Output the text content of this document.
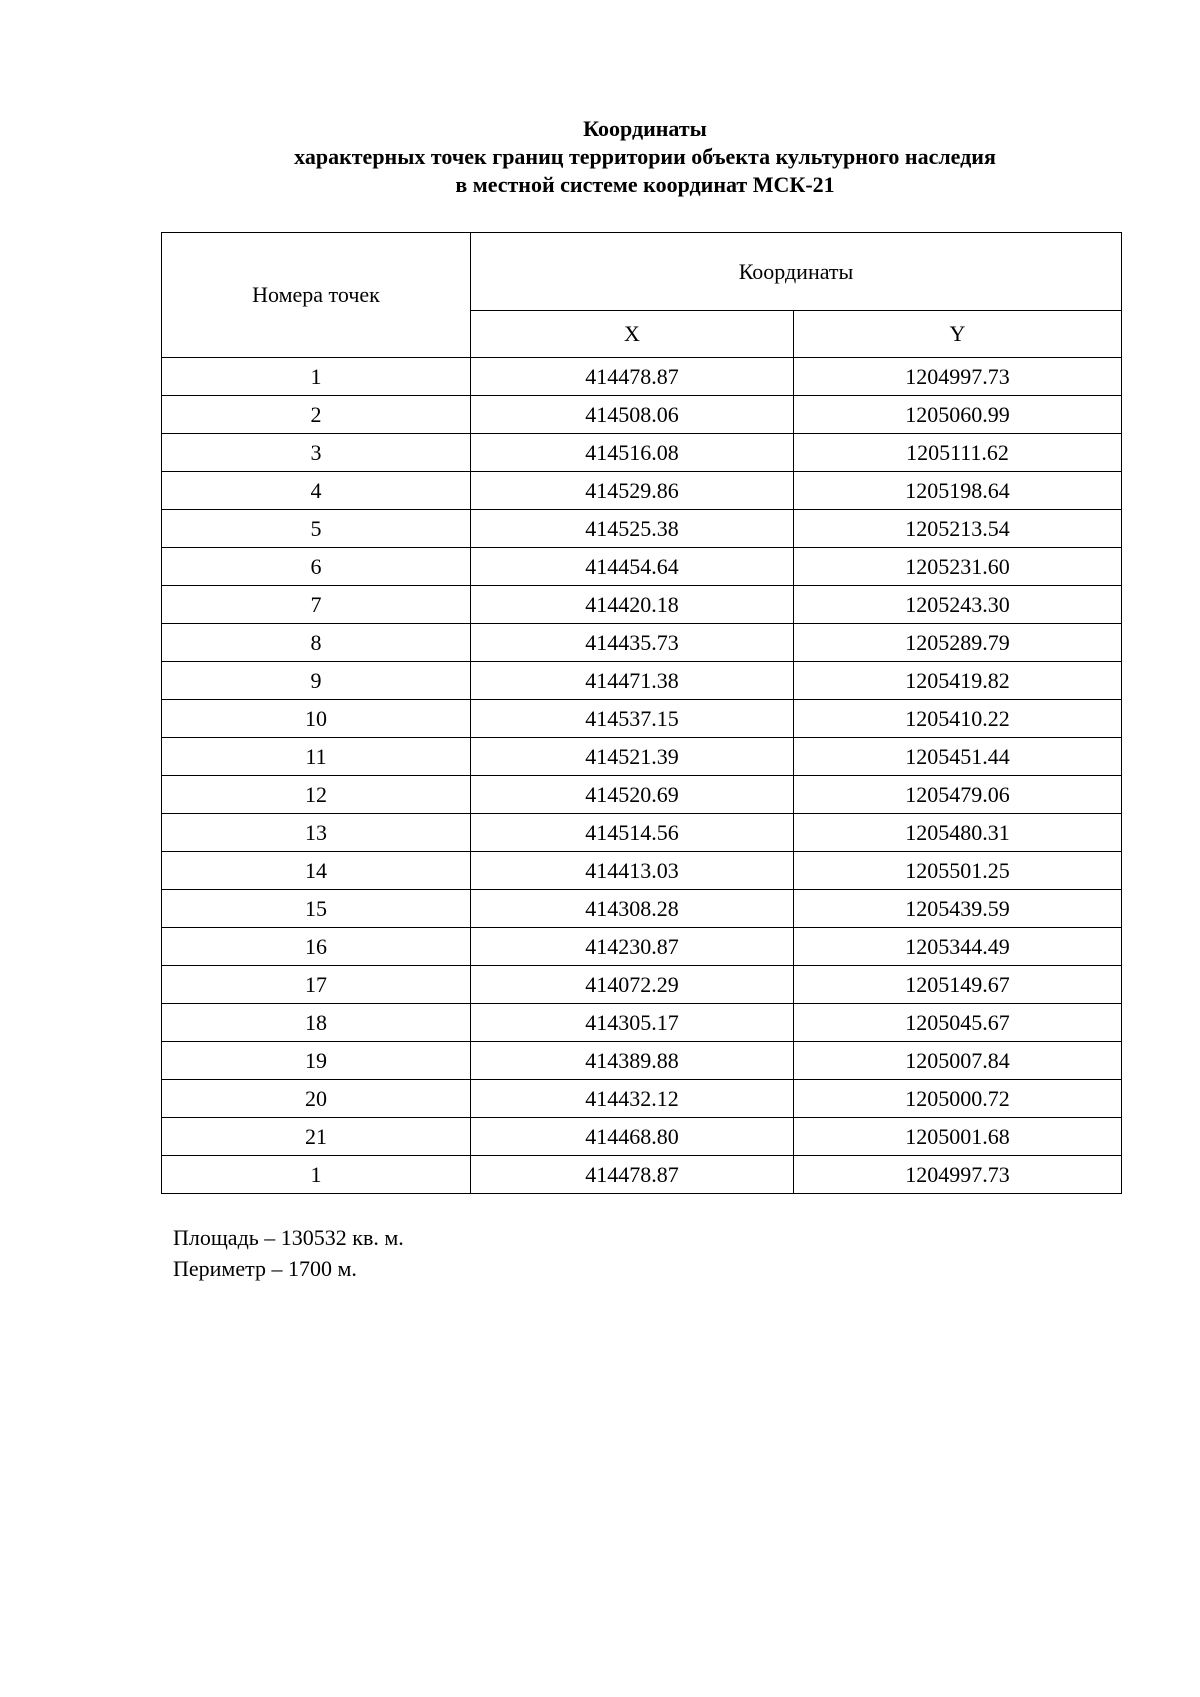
Координаты
характерных точек границ территории объекта культурного наследия
в местной системе координат МСК-21
Номера точек	Координаты	
	X	Y
1	414478.87	1204997.73
2	414508.06	1205060.99
3	414516.08	1205111.62
4	414529.86	1205198.64
5	414525.38	1205213.54
6	414454.64	1205231.60
7	414420.18	1205243.30
8	414435.73	1205289.79
9	414471.38	1205419.82
10	414537.15	1205410.22
11	414521.39	1205451.44
12	414520.69	1205479.06
13	414514.56	1205480.31
14	414413.03	1205501.25
15	414308.28	1205439.59
16	414230.87	1205344.49
17	414072.29	1205149.67
18	414305.17	1205045.67
19	414389.88	1205007.84
20	414432.12	1205000.72
21	414468.80	1205001.68
1	414478.87	1204997.73
Площадь – 130532 кв. м.
Периметр – 1700 м.
